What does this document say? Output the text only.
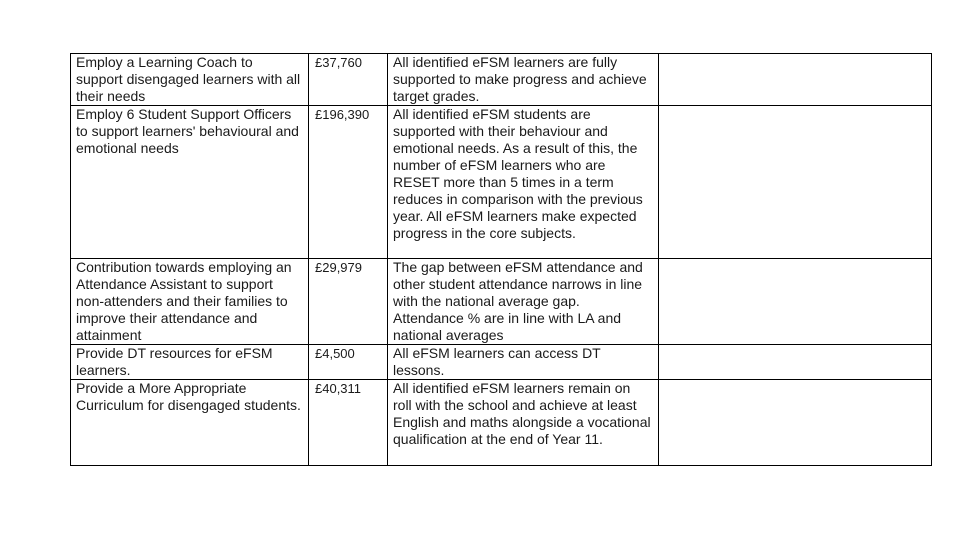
Employ a Learning Coach to support disengaged learners with all their needs	£37,760	All identified eFSM learners are fully supported to make progress and achieve target grades.	
Employ 6 Student Support Officers to support learners' behavioural and emotional needs	£196,390	All identified eFSM students are supported with their behaviour and emotional needs. As a result of this, the number of eFSM learners who are RESET more than 5 times in a term reduces in comparison with the previous year. All eFSM learners make expected progress in the core subjects.	
Contribution towards employing an Attendance Assistant to support non-attenders and their families to improve their attendance and attainment	£29,979	The gap between eFSM attendance and other student attendance narrows in line with the national average gap. Attendance % are in line with LA and national averages	
Provide DT resources for eFSM learners.	£4,500	All eFSM learners can access DT lessons.	
Provide a More Appropriate Curriculum for disengaged students.	£40,311	All identified eFSM learners remain on roll with the school and achieve at least English and maths alongside a vocational qualification at the end of Year 11.	
